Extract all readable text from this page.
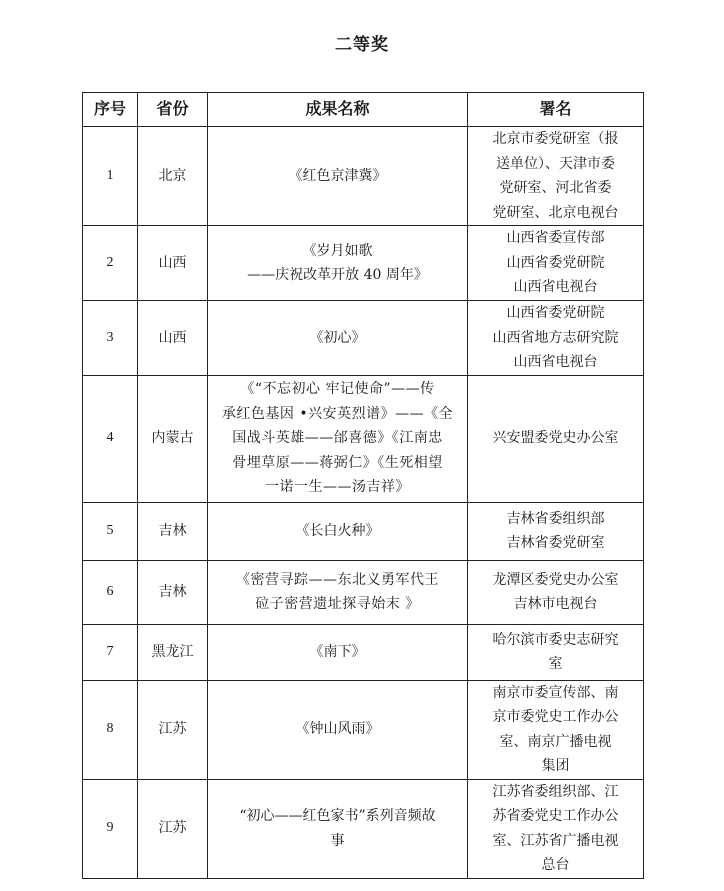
二等奖
序号	省份	成果名称	署名
1	北京	《红色京津冀》	北京市委党研室（报
送单位）、天津市委
党研室、河北省委
党研室、北京电视台
2	山西	《岁月如歌
——庆祝改革开放 40 周年》	山西省委宣传部
山西省委党研院
山西省电视台
3	山西	《初心》	山西省委党研院
山西省地方志研究院
山西省电视台
4	内蒙古	《“不忘初心 牢记使命”——传
承红色基因 •兴安英烈谱》——《全
国战斗英雄——邰喜德》《江南忠
骨埋草原——蒋弼仁》《生死相望
一诺一生——汤吉祥》	兴安盟委党史办公室
5	吉林	《长白火种》	吉林省委组织部
吉林省委党研室
6	吉林	《密营寻踪——东北义勇军代王
砬子密营遗址探寻始末 》	龙潭区委党史办公室
吉林市电视台
7	黑龙江	《南下》	哈尔滨市委史志研究
室
8	江苏	《钟山风雨》	南京市委宣传部、南
京市委党史工作办公
室、南京广播电视
集团
9	江苏	“初心——红色家书”系列音频故
事	江苏省委组织部、江
苏省委党史工作办公
室、江苏省广播电视
总台
